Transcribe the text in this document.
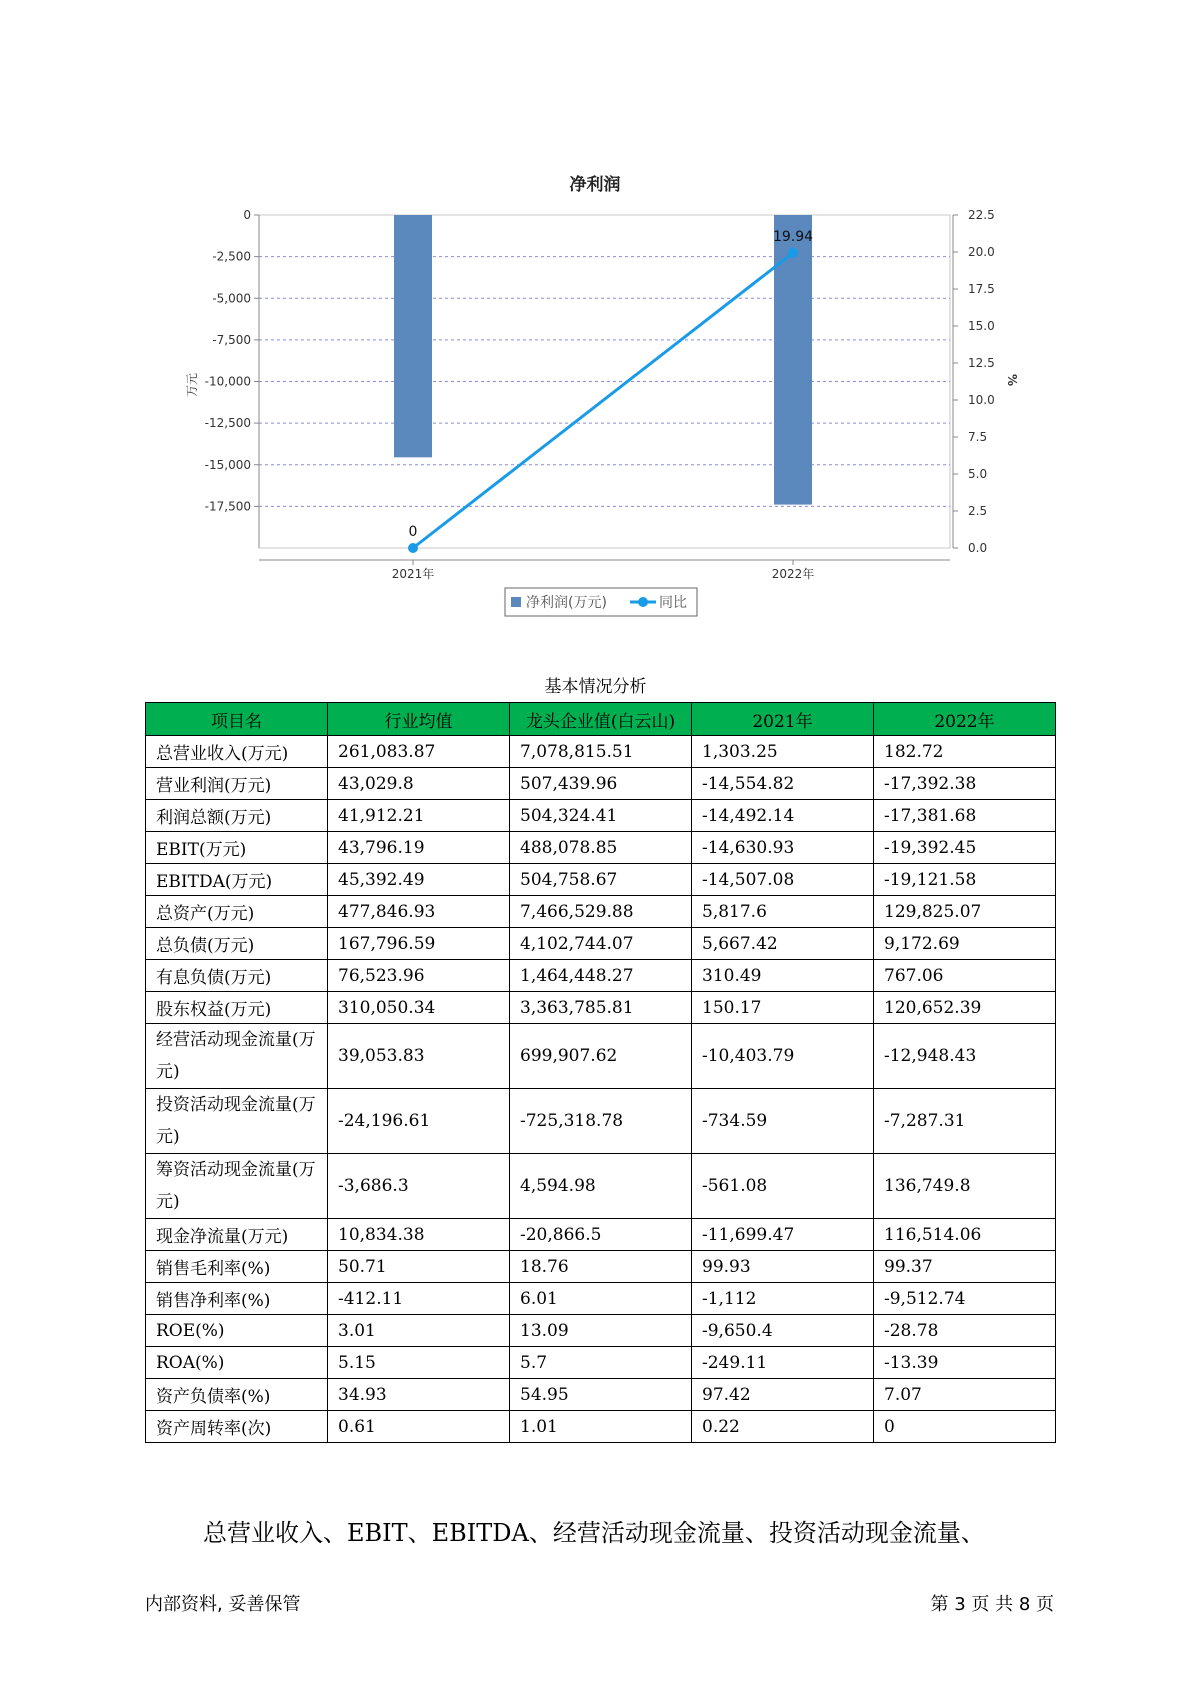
净利润
0
-2,500
-5,000
-7,500
-10,000
-12,500
-15,000
-17,500
万元
22.5
20.0
17.5
15.0
12.5
10.0
7.5
5.0
2.5
0.0
%
2021年	2022年
0
19.94
净利润(万元)	同比
基本情况分析
项目名	行业均值	龙头企业值(白云山)	2021年	2022年
总营业收入(万元)	261,083.87	7,078,815.51	1,303.25	182.72
营业利润(万元)	43,029.8	507,439.96	-14,554.82	-17,392.38
利润总额(万元)	41,912.21	504,324.41	-14,492.14	-17,381.68
EBIT(万元)	43,796.19	488,078.85	-14,630.93	-19,392.45
EBITDA(万元)	45,392.49	504,758.67	-14,507.08	-19,121.58
总资产(万元)	477,846.93	7,466,529.88	5,817.6	129,825.07
总负债(万元)	167,796.59	4,102,744.07	5,667.42	9,172.69
有息负债(万元)	76,523.96	1,464,448.27	310.49	767.06
股东权益(万元)	310,050.34	3,363,785.81	150.17	120,652.39
经营活动现金流量(万元)	39,053.83	699,907.62	-10,403.79	-12,948.43
投资活动现金流量(万元)	-24,196.61	-725,318.78	-734.59	-7,287.31
筹资活动现金流量(万元)	-3,686.3	4,594.98	-561.08	136,749.8
现金净流量(万元)	10,834.38	-20,866.5	-11,699.47	116,514.06
销售毛利率(%)	50.71	18.76	99.93	99.37
销售净利率(%)	-412.11	6.01	-1,112	-9,512.74
ROE(%)	3.01	13.09	-9,650.4	-28.78
ROA(%)	5.15	5.7	-249.11	-13.39
资产负债率(%)	34.93	54.95	97.42	7.07
资产周转率(次)	0.61	1.01	0.22	0
总营业收入、EBIT、EBITDA、经营活动现金流量、投资活动现金流量、
内部资料, 妥善保管	第 3 页 共 8 页
